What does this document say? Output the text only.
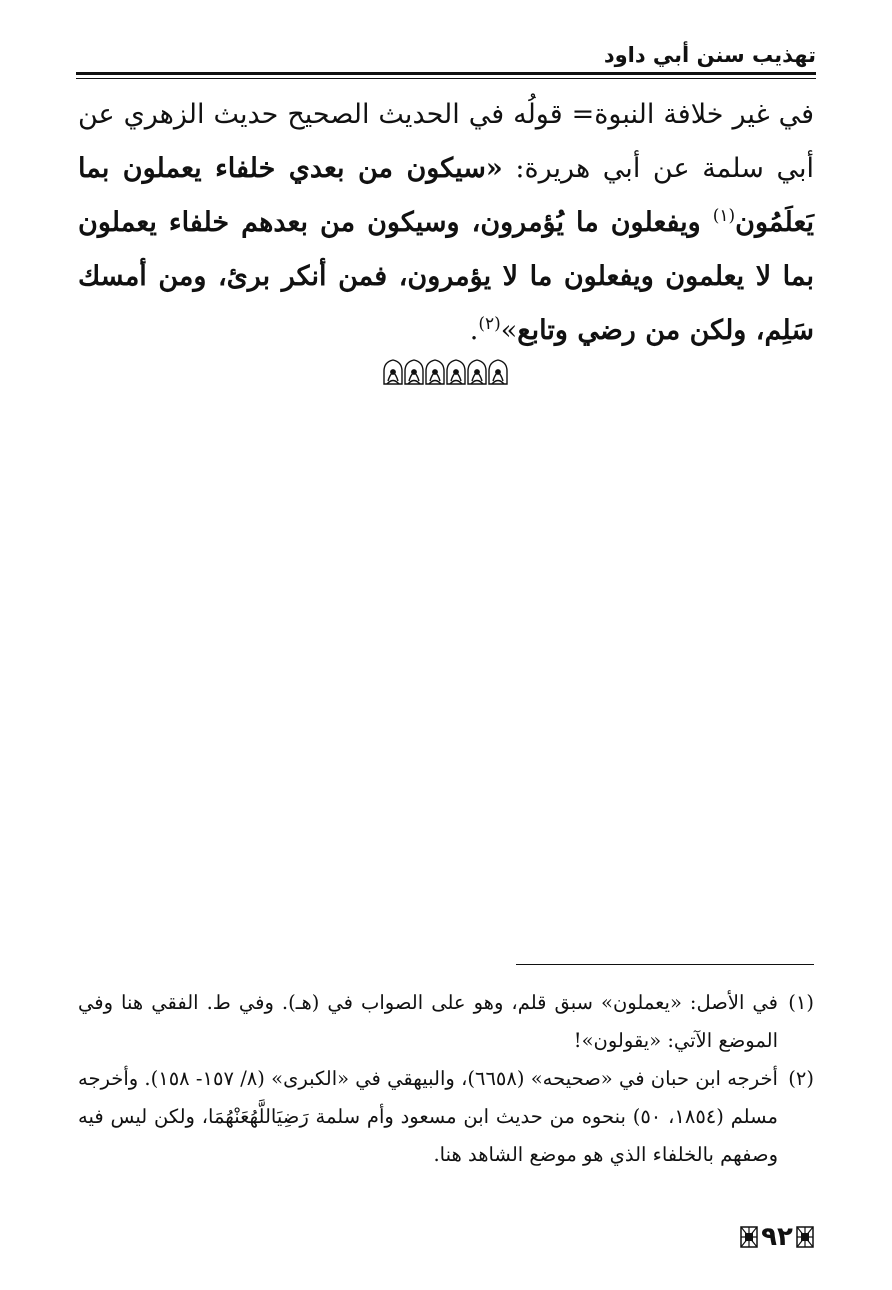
تهذيب سنن أبي داود
في غير خلافة النبوة= قولُه في الحديث الصحيح حديث الزهري عن أبي سلمة عن أبي هريرة: «سيكون من بعدي خلفاء يعملون بما يَعلَمُون$^{(١)}$ ويفعلون ما يُؤمرون، وسيكون من بعدهم خلفاء يعملون بما لا يعلمون ويفعلون ما لا يؤمرون، فمن أنكر برئ، ومن أمسك سَلِم، ولكن من رضي وتابع»$^{(٢)}$.
(١)
في الأصل: «يعملون» سبق قلم، وهو على الصواب في (هـ). وفي ط. الفقي هنا وفي الموضع الآتي: «يقولون»!
(٢)
أخرجه ابن حبان في «صحيحه» (٦٦٥٨)، والبيهقي في «الكبرى» (٨/ ١٥٧- ١٥٨). وأخرجه مسلم (١٨٥٤، ٥٠) بنحوه من حديث ابن مسعود وأم سلمة رَضِيَاللَّهُعَنْهُمَا، ولكن ليس فيه وصفهم بالخلفاء الذي هو موضع الشاهد هنا.
٩٢
